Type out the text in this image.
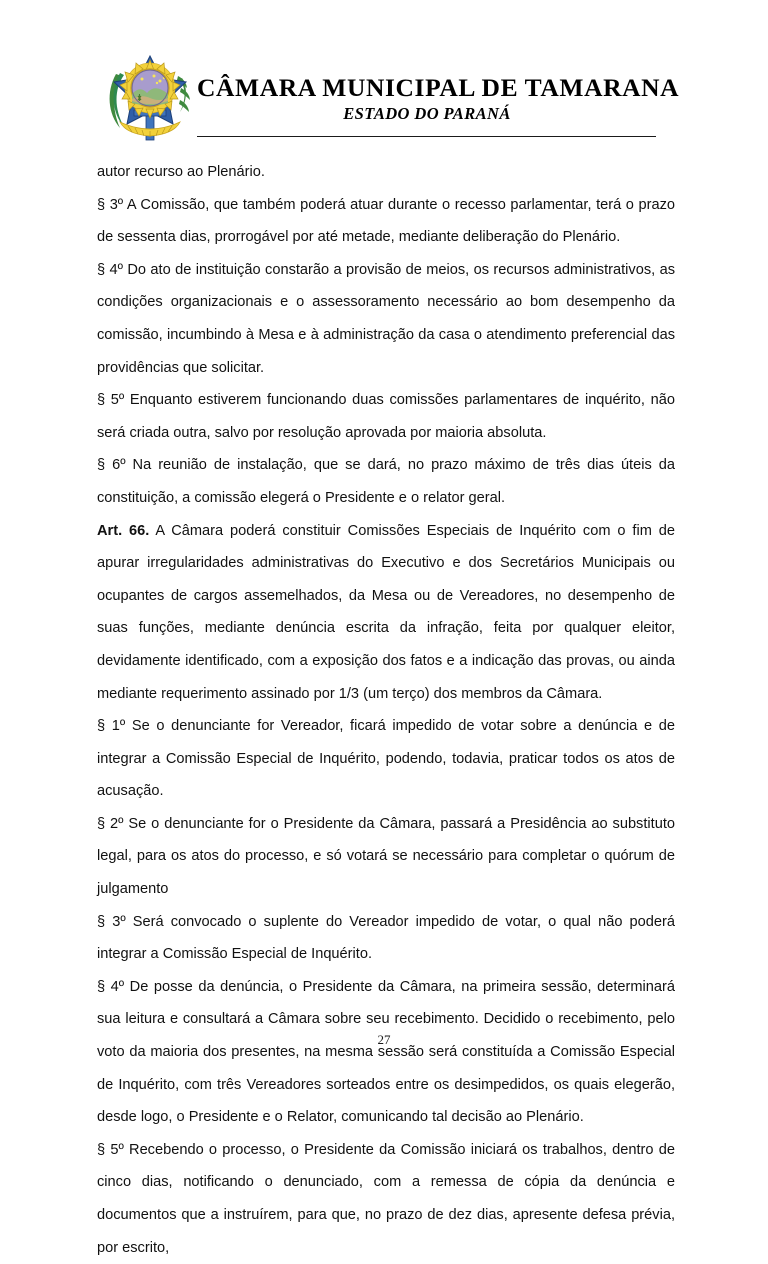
CÂMARA MUNICIPAL DE TAMARANA
ESTADO DO PARANÁ

autor recurso ao Plenário.

§ 3º A Comissão, que também poderá atuar durante o recesso parlamentar, terá o prazo de sessenta dias, prorrogável por até metade, mediante deliberação do Plenário.

§ 4º Do ato de instituição constarão a provisão de meios, os recursos administrativos, as condições organizacionais e o assessoramento necessário ao bom desempenho da comissão, incumbindo à Mesa e à administração da casa o atendimento preferencial das providências que solicitar.

§ 5º Enquanto estiverem funcionando duas comissões parlamentares de inquérito, não será criada outra, salvo por resolução aprovada por maioria absoluta.

§ 6º Na reunião de instalação, que se dará, no prazo máximo de três dias úteis da constituição, a comissão elegerá o Presidente e o relator geral.

Art. 66. A Câmara poderá constituir Comissões Especiais de Inquérito com o fim de apurar irregularidades administrativas do Executivo e dos Secretários Municipais ou ocupantes de cargos assemelhados, da Mesa ou de Vereadores, no desempenho de suas funções, mediante denúncia escrita da infração, feita por qualquer eleitor, devidamente identificado, com a exposição dos fatos e a indicação das provas, ou ainda mediante requerimento assinado por 1/3 (um terço) dos membros da Câmara.

§ 1º Se o denunciante for Vereador, ficará impedido de votar sobre a denúncia e de integrar a Comissão Especial de Inquérito, podendo, todavia, praticar todos os atos de acusação.

§ 2º Se o denunciante for o Presidente da Câmara, passará a Presidência ao substituto legal, para os atos do processo, e só votará se necessário para completar o quórum de julgamento

§ 3º Será convocado o suplente do Vereador impedido de votar, o qual não poderá integrar a Comissão Especial de Inquérito.

§ 4º De posse da denúncia, o Presidente da Câmara, na primeira sessão, determinará sua leitura e consultará a Câmara sobre seu recebimento. Decidido o recebimento, pelo voto da maioria dos presentes, na mesma sessão será constituída a Comissão Especial de Inquérito, com três Vereadores sorteados entre os desimpedidos, os quais elegerão, desde logo, o Presidente e o Relator, comunicando tal decisão ao Plenário.

§ 5º Recebendo o processo, o Presidente da Comissão iniciará os trabalhos, dentro de cinco dias, notificando o denunciado, com a remessa de cópia da denúncia e documentos que a instruírem, para que, no prazo de dez dias, apresente defesa prévia, por escrito,

27
